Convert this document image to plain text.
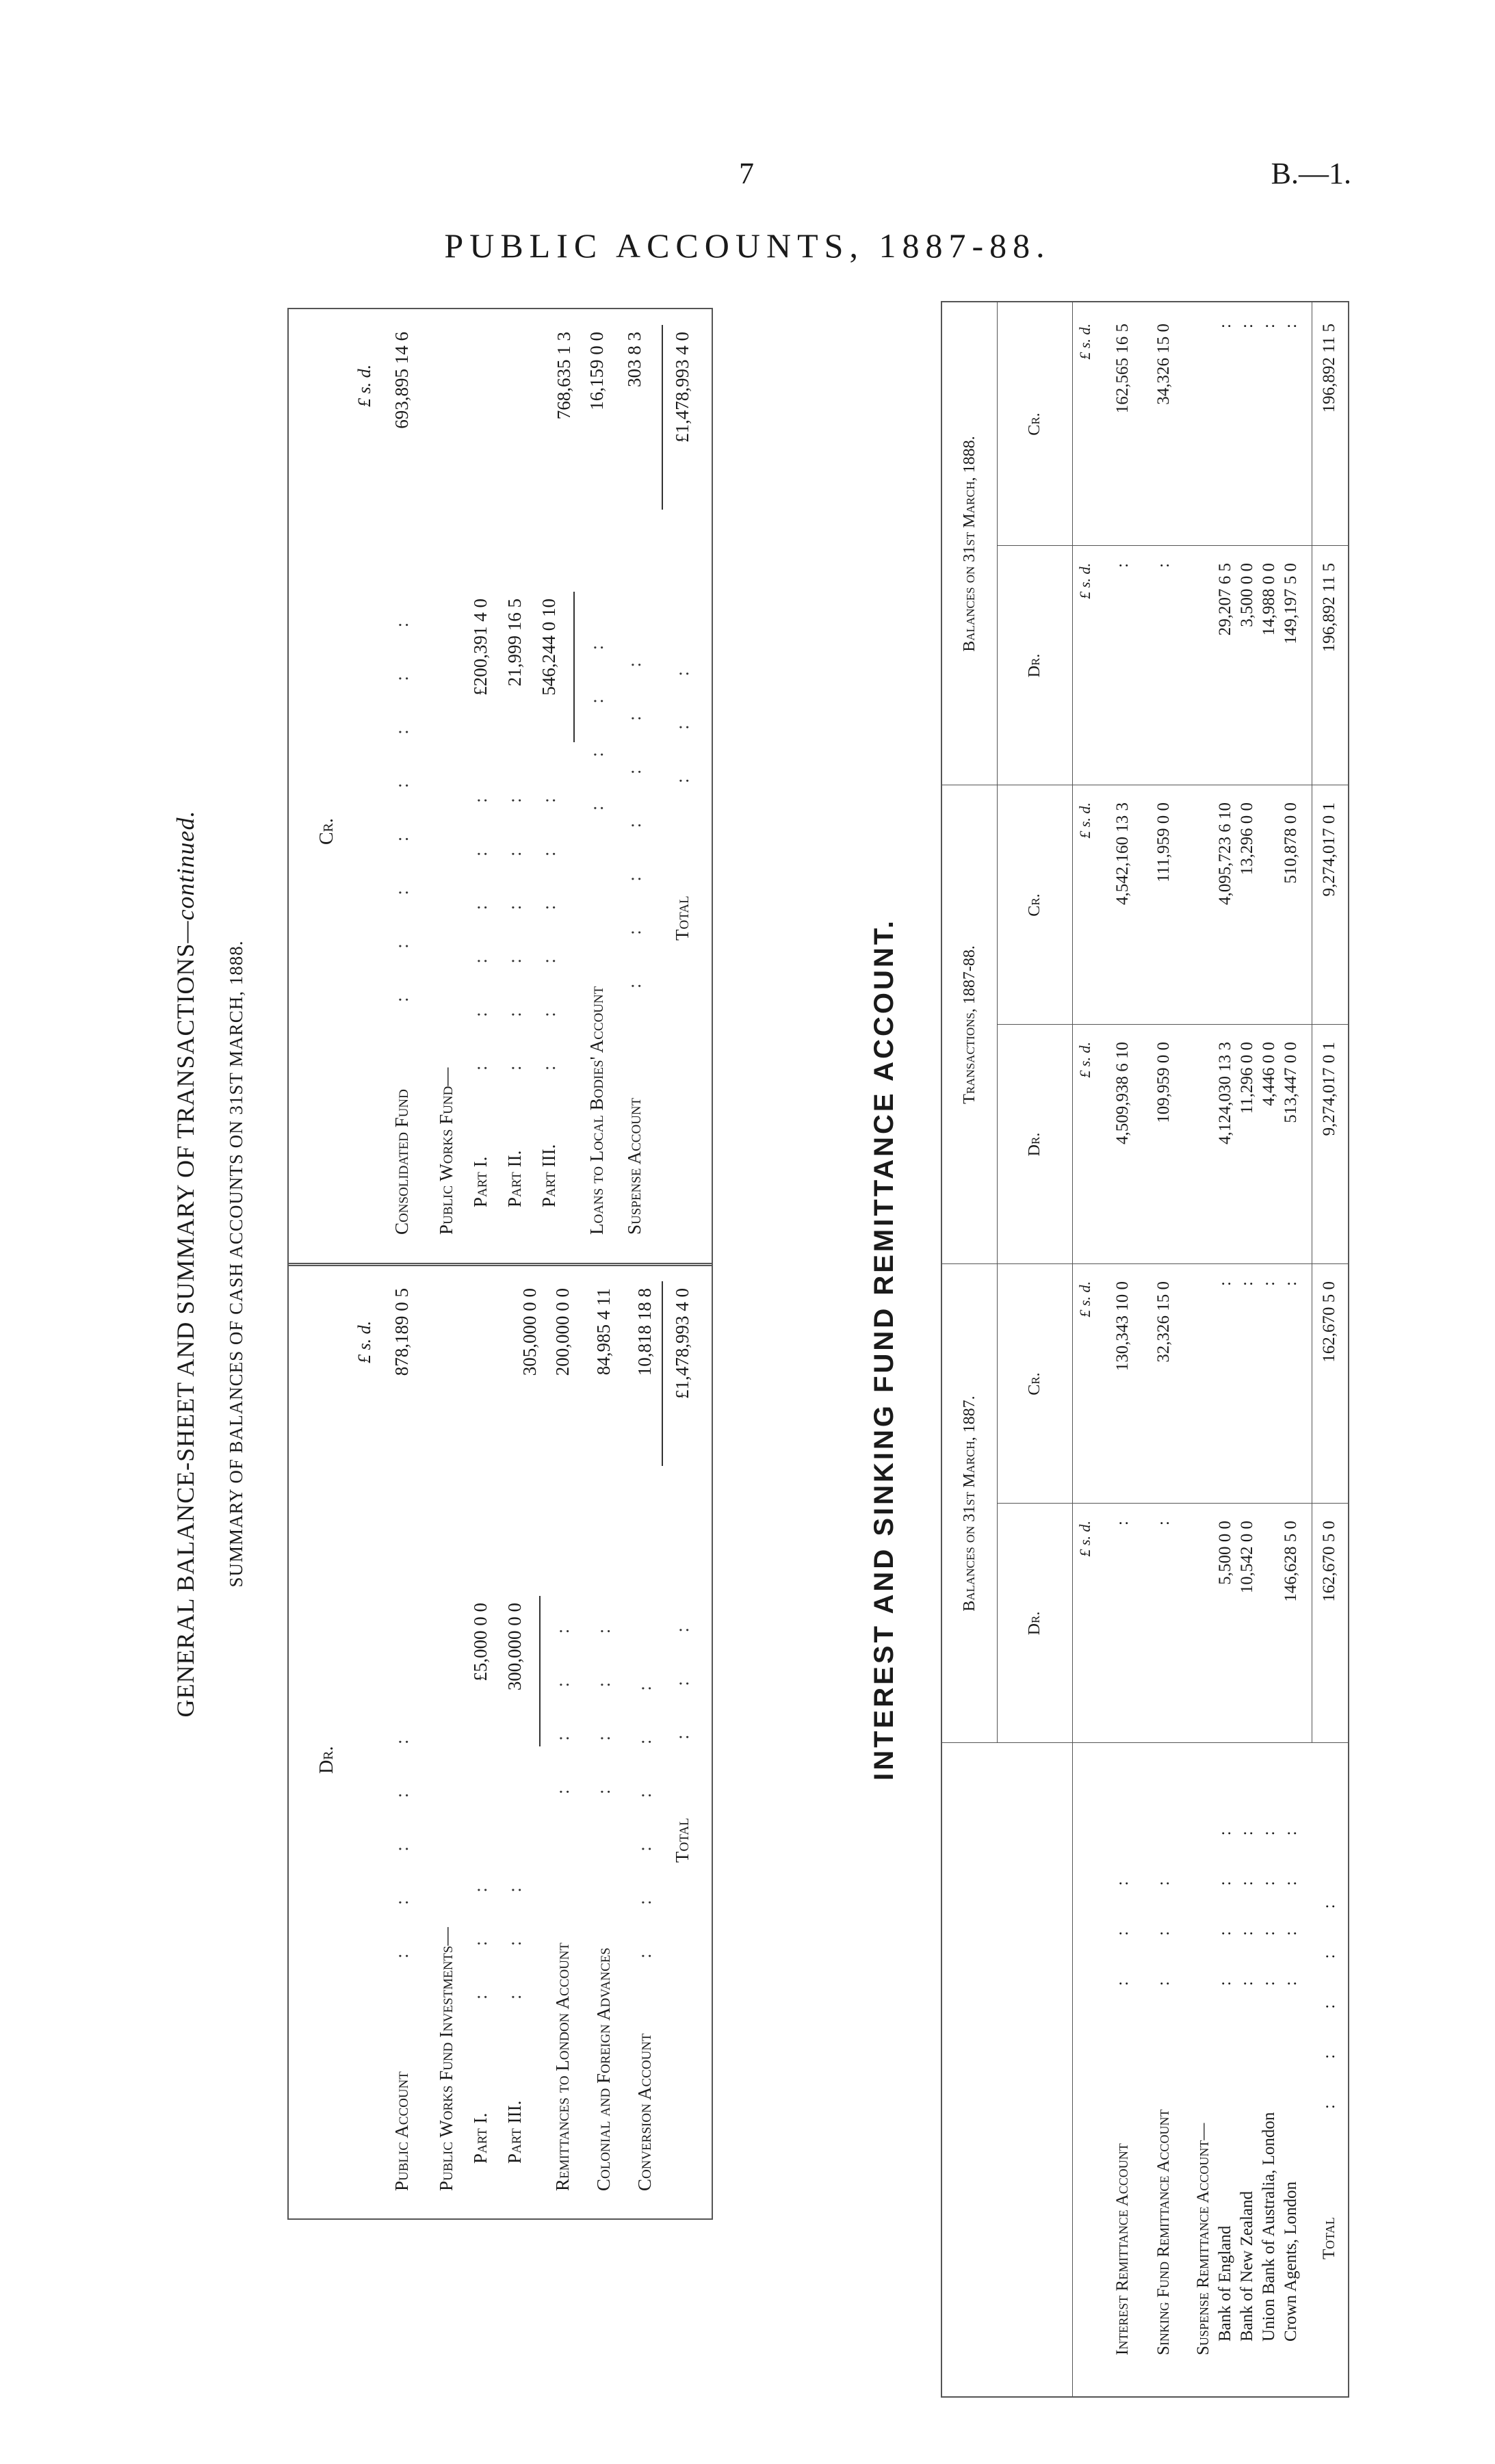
7	B.—1.
PUBLIC ACCOUNTS, 1887-88.
GENERAL BALANCE-SHEET AND SUMMARY OF TRANSACTIONS—continued.
SUMMARY OF BALANCES OF CASH ACCOUNTS ON 31ST MARCH, 1888.
Dr.
£ s. d.
Public Account
: : : : :
878,189 0 5
Public Works Fund Investments— Part I.
: : :
£5,000 0 0
Part III.
: : :
300,000 0 0
305,000 0 0
Remittances to London Account
: : : :
200,000 0 0
Colonial and Foreign Advances
: : : :
84,985 4 11
Conversion Account
: : : : : :
10,818 18 8
Total
: : :
£1,478,993 4 0
Cr.
£ s. d.
Consolidated Fund
: : : : : : : :
693,895 14 6
Public Works Fund— Part I.
: : : : : :
£200,391 4 0
Part II.
: : : : : :
21,999 16 5
Part III.
: : : : : :
546,244 0 10
768,635 1 3
Loans to Local Bodies' Account
: : : :
16,159 0 0
Suspense Account
: : : : : : :
303 8 3
Total
: : :
£1,478,993 4 0
INTEREST AND SINKING FUND REMITTANCE ACCOUNT.	Balances on 31st March, 1887.
Transactions, 1887-88.
Balances on 31st March, 1888.
Dr.
Cr.
Dr.
Cr.
Dr.
Cr.
£ s. d.
£ s. d.
£ s. d.
£ s. d.
£ s. d.
£ s. d.
Interest Remittance Account
: : :
:
130,343 10 0
4,509,938 6 10
4,542,160 13 3
:
162,565 16 5
Sinking Fund Remittance Account
: : :
:
32,326 15 0
109,959 0 0
111,959 0 0
:
34,326 15 0
Suspense Remittance Account— Bank of England
: : : :
5,500 0 0
:
4,124,030 13 3
4,095,723 6 10
29,207 6 5
:
Bank of New Zealand
: : : :
10,542 0 0
:
11,296 0 0
13,296 0 0
3,500 0 0
:
Union Bank of Australia, London
: : : :
:
4,446 0 0
14,988 0 0
:
Crown Agents, London
: : : :
146,628 5 0
:
513,447 0 0
510,878 0 0
149,197 5 0
:
Total
: : : : :
162,670 5 0
162,670 5 0
9,274,017 0 1
9,274,017 0 1
196,892 11 5
196,892 11 5
